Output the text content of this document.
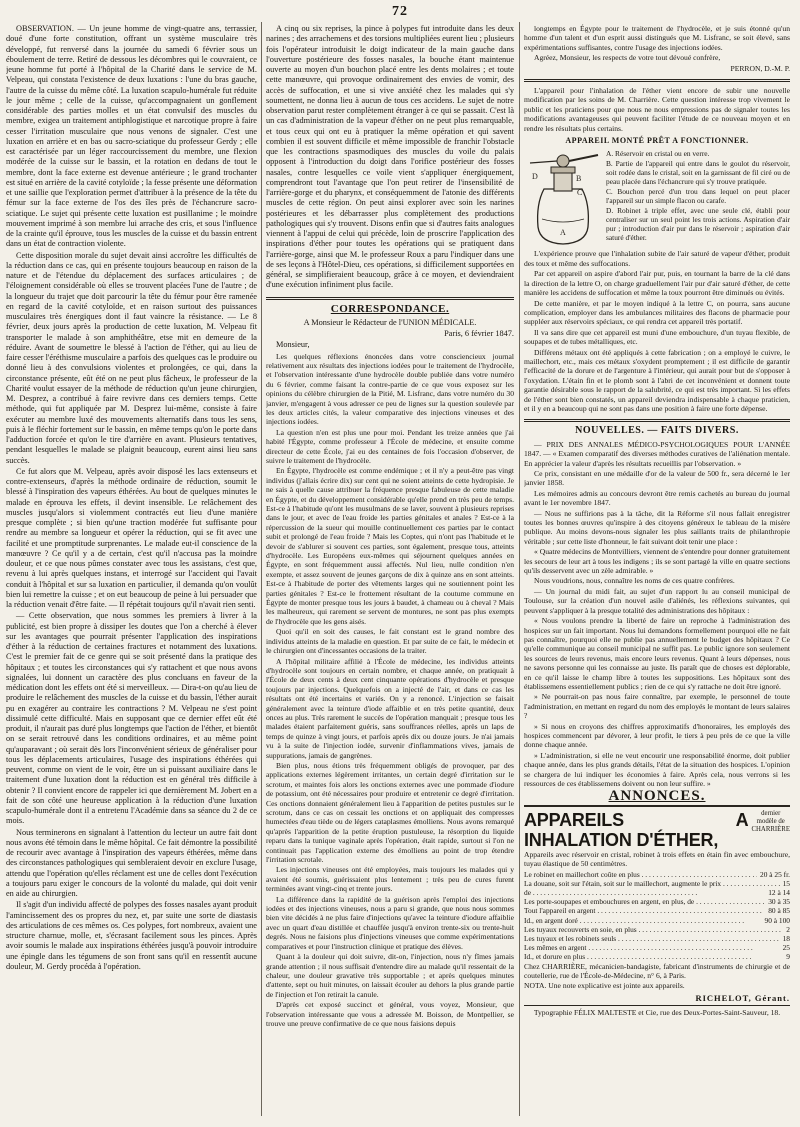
72

OBSERVATION. — Un jeune homme de vingt-quatre ans, terrassier, doué d'une forte constitution, offrant un système musculaire très développé, fut renversé dans la journée du samedi 6 février sous un éboulement de terre. Retiré de dessous les décombres qui le couvraient, ce jeune homme fut porté à l'hôpital de la Charité dans le service de M. Velpeau, qui constata l'existence de deux luxations : l'une du bras gauche, l'autre de la cuisse du même côté. La luxation scapulo-humérale fut réduite le jour même ; celle de la cuisse, qu'accompagnaient un gonflement considérable des parties molles et un état convulsif des muscles du membre, exigea un traitement antiphlogistique et narcotique propre à faire cesser l'irritation musculaire que nous venons de signaler. C'est une luxation en arrière et en bas ou sacro-sciatique du professeur Gerdy ; elle est caractérisée par un léger raccourcissement du membre, une flexion modérée de la cuisse sur le bassin, et la rotation en dedans de tout le membre, dont la face externe est devenue antérieure ; le grand trochanter est situé en arrière de la cavité cotyloïde ; la fesse présente une déformation et une saillie que l'exploration permet d'attribuer à la présence de la tête du fémur sur la face externe de l'os des îles près de l'échancrure sacro-sciatique. Le sujet qui présente cette luxation est pusillanime ; le moindre mouvement imprimé à son membre lui arrache des cris, et sous l'influence de la crainte qu'il éprouve, tous les muscles de la cuisse et du bassin entrent dans un état de contraction violente.

Cette disposition morale du sujet devait ainsi accroître les difficultés de la réduction dans ce cas, qui en présente toujours beaucoup en raison de la nature et de l'étendue du déplacement des surfaces articulaires ; de l'éloignement considérable où elles se trouvent placées l'une de l'autre ; de la longueur du trajet que doit parcourir la tête du fémur pour être ramenée en regard de la cavité cotyloïde, et en raison surtout des puissances musculaires très énergiques dont il faut vaincre la résistance. — Le 8 février, deux jours après la production de cette luxation, M. Velpeau fit transporter le malade à son amphithéâtre, etse mit en demeure de la réduire. Avant de soumettre le blessé à l'action de l'éther, qui au lieu de faire cesser l'éréthisme musculaire a parfois des quelques cas le produire ou donné lieu à des convulsions violentes et prolongées, ce qui, dans la circonstance présente, eût été on ne peut plus fâcheux, le professeur de la Charité voulut essayer de la méthode de réduction qu'un jeune chirurgien, M. Desprez, a contribué à faire revivre dans ces derniers temps. Cette méthode, qui fut appliquée par M. Desprez lui-même, consiste à faire exécuter au membre luxé des mouvements alternatifs dans tous les sens, puis à le fléchir fortement sur le bassin, en même temps qu'on le porte dans l'adduction forcée et qu'on le tire d'arrière en avant. Plusieurs tentatives, pendant lesquelles le malade se plaignit beaucoup, eurent ainsi lieu sans succès.

Ce fut alors que M. Velpeau, après avoir disposé les lacs extenseurs et contre-extenseurs, d'après la méthode ordinaire de réduction, soumit le blessé à l'inspiration des vapeurs éthérées. Au bout de quelques minutes le malade en éprouva les effets, il devint insensible. Le relâchement des muscles jusqu'alors si violemment contractés eut lieu d'une manière presque complète ; si bien qu'une traction modérée fut suffisante pour rendre au membre sa longueur et opérer la réduction, qui se fit avec une facilité et une promptitude surprenantes. Le malade eut-il conscience de la manœuvre ? Ce qu'il y a de certain, c'est qu'il n'accusa pas la moindre douleur, et ce que nous pûmes constater avec tous les assistans, c'est que, revenu à lui après quelques instans, et interrogé sur l'accident qui l'avait conduit à l'hôpital et sur sa luxation en particulier, il demanda qu'on voulût bien lui remettre la cuisse ; et on eut beaucoup de peine à lui persuader que la réduction venait d'être faite. — Il répétait toujours qu'il n'avait rien senti.

— Cette observation, que nous sommes les premiers à livrer à la publicité, est bien propre à dissiper les doutes que l'on a cherché à élever sur les avantages que pourrait présenter l'application des inspirations d'éther à la réduction de certaines fractures et notamment des luxations. C'est le premier fait de ce genre qui se soit présenté dans la pratique des hôpitaux ; et toutes les circonstances qui s'y rattachent et que nous avons signalées, lui donnent un caractère des plus concluans en faveur de la médication dont les effets ont été si merveilleux. — Dira-t-on qu'au lieu de produire le relâchement des muscles de la cuisse et du bassin, l'éther aurait pu en exagérer au contraire les contractions ? M. Velpeau ne s'est point dissimulé cette difficulté. Mais en supposant que ce dernier effet eût été produit, il n'aurait pas duré plus longtemps que l'action de l'éther, et bientôt on se serait retrouvé dans les conditions ordinaires, et au même point qu'auparavant ; où serait dès lors l'inconvénient sérieux de généraliser pour tous les déplacements articulaires, l'usage des inspirations éthérées qui peuvent, comme on vient de le voir, être un si puissant auxiliaire dans le traitement d'une luxation dont la réduction est en général très difficile à obtenir ? Il convient encore de rappeler ici que dernièrement M. Jobert en a fait de son côté une heureuse application à la réduction d'une luxation scapulo-humérale dont il a entretenu l'Académie dans sa séance du 2 de ce mois.

Nous terminerons en signalant à l'attention du lecteur un autre fait dont nous avons été témoin dans le même hôpital. Ce fait démontre la possibilité de recourir avec avantage à l'inspiration des vapeurs éthérées, même dans des circonstances pathologiques qui sembleraient devoir en exclure l'usage, attendu que l'opération qu'elles réclament est une de celles dont l'exécution a toujours paru exiger le concours de la volonté du malade, qui doit venir en aide au chirurgien.

Il s'agit d'un individu affecté de polypes des fosses nasales ayant produit l'amincissement des os propres du nez, et, par suite une sorte de diastasis des articulations de ces mêmes os. Ces polypes, fort nombreux, avaient une structure charnue, molle, et, s'écrasant facilement sous les pinces. Après avoir soumis le malade aux inspirations éthérées jusqu'à pouvoir introduire une épingle dans les tégumens de son front sans qu'il en ressentît aucune douleur, M. Gerdy procéda à l'opération.

A cinq ou six reprises, la pince à polypes fut introduite dans les deux narines ; des arrachemens et des torsions multipliées eurent lieu ; plusieurs fois l'opérateur introduisit le doigt indicateur de la main gauche dans l'ouverture postérieure des fosses nasales, la bouche étant maintenue ouverte au moyen d'un bouchon placé entre les dents molaires ; et toute cette manœuvre, qui provoque ordinairement des envies de vomir, des accès de suffocation, et une si vive anxiété chez les malades qui s'y soumettent, ne donna lieu à aucun de tous ces accidens. Le sujet de notre observation parut rester complètement étranger à ce qui se passait. C'est là un cas d'administration de la vapeur d'éther on ne peut plus remarquable, et tous ceux qui ont eu à pratiquer la même opération et qui savent combien il est souvent difficile et même impossible de franchir l'obstacle que les contractions spasmodiques des muscles du voile du palais opposent à l'introduction du doigt dans l'orifice postérieur des fosses nasales, contre lesquelles ce voile vient s'appliquer énergiquement, comprendront tout l'avantage que l'on peut retirer de l'insensibilité de l'arrière-gorge et du pharynx, et conséquemment de l'atonie des différents muscles de cette région. On peut ainsi explorer avec soin les narines postérieures et les débarrasser plus complètement des productions pathologiques qui s'y trouvent. Disons enfin que si d'autres faits analogues viennent à l'appui de celui qui précède, loin de proscrire l'application des inspirations d'éther pour toutes les opérations qui se pratiquent dans l'arrière-gorge, ainsi que M. le professeur Roux a paru l'indiquer dans une de ses leçons à l'Hôtel-Dieu, ces opérations, si difficilement supportées en général, se simplifieraient beaucoup, grâce à ce moyen, et deviendraient d'une exécution infiniment plus facile.

CORRESPONDANCE.

A Monsieur le Rédacteur de l'UNION MÉDICALE.

Paris, 6 février 1847.

Monsieur,

Les quelques réflexions énoncées dans votre consciencieux journal relativement aux résultats des injections iodées pour le traitement de l'hydrocèle, et l'observation intéressante d'une hydrocèle double publiée dans votre numéro du 6 février, comme faisant la contre-partie de ce que vous exposez sur les opinions du célèbre chirurgien de la Pitié, M. Lisfranc, dans votre numéro du 30 janvier, m'engagent à vous adresser ce peu de lignes sur la question soulevée par les deux articles cités, la valeur comparative des injections vineuses et des injections iodées.

La question n'en est plus une pour moi. Pendant les treize années que j'ai habité l'Égypte, comme professeur à l'École de médecine, et ensuite comme directeur de cette École, j'ai eu des centaines de fois l'occasion d'observer, de suivre le traitement de l'hydrocèle.

En Égypte, l'hydrocèle est comme endémique ; et il n'y a peut-être pas vingt individus (j'allais écrire dix) sur cent qui ne soient atteints de cette hydropisie. Je ne sais à quelle cause attribuer la fréquence presque fabuleuse de cette maladie en Égypte, et du développement considérable qu'elle prend en très peu de temps. Est-ce à l'habitude qu'ont les musulmans de se laver, souvent à plusieurs reprises dans le jour, et avec de l'eau froide les parties génitales et anales ? Est-ce à la répercussion de la sueur qui mouille continuellement ces parties par le contact subit et prolongé de l'eau froide ? Mais les Coptes, qui n'ont pas l'habitude et le devoir de s'ablurer si souvent ces parties, sont également, presque tous, atteints d'hydrocèle. Les Européens eux-mêmes qui séjournent quelques années en Égypte, en sont fréquemment aussi affectés. Nul lieu, nulle condition n'en exempte, et assez souvent de jeunes garçons de dix à quinze ans en sont atteints. Est-ce à l'habitude de porter des vêtements larges qui ne soutiennent point les parties génitales ? Est-ce le frottement résultant de la coutume commune en Égypte de monter presque tous les jours à baudet, à chameau ou à cheval ? Mais les malheureux, qui rarement se servent de montures, ne sont pas plus exempts de l'hydrocèle que les gens aisés.

Quoi qu'il en soit des causes, le fait constant est le grand nombre des individus atteints de la maladie en question. Et par suite de ce fait, le médecin et le chirurgien ont d'incessantes occasions de la traiter.

A l'hôpital militaire affilié à l'École de médecine, les individus atteints d'hydrocèle sont toujours en certain nombre, et chaque année, on pratiquait à l'École de deux cents à deux cent cinquante opérations d'hydrocèle et presque toujours par injections. Quelquefois on a injecté de l'air, et dans ce cas les résultats ont été incertains et variés. On y a renoncé. L'injection se faisait généralement avec la teinture d'iode affaiblie et en très petite quantité, deux onces au plus. Très rarement le succès de l'opération manquait ; presque tous les malades étaient parfaitement guéris, sans souffrances réelles, après un laps de temps de quinze à vingt jours, et parfois après dix ou douze jours. Je n'ai jamais vu à la suite de l'injection iodée, survenir d'inflammations vives, jamais de suppurations, jamais de gangrènes.

Bien plus, nous étions très fréquemment obligés de provoquer, par des applications externes légèrement irritantes, un certain degré d'irritation sur le scrotum, et maintes fois alors les onctions externes avec une pommade d'iodure de potassium, ont été nécessaires pour produire et entretenir ce degré d'irritation. Ces onctions donnaient généralement lieu à l'apparition de petites pustules sur le scrotum, dans ce cas on cessait les onctions et on appliquait des compresses humectées d'eau tiède ou de légers cataplasmes émolliens. Nous avons remarqué qu'après l'apparition de la petite éruption pustuleuse, la résorption du liquide reparu dans la tunique vaginale après l'opération, était rapide, surtout si l'on ne continuait pas l'application externe des émolliens au point de trop étendre l'irritation scrotale.

Les injections vineuses ont été employées, mais toujours les malades qui y avaient été soumis, guérissaient plus lentement ; très peu de cures furent terminées avant vingt-cinq et trente jours.

La différence dans la rapidité de la guérison après l'emploi des injections iodées et des injections vineuses, nous a paru si grande, que nous nous sommes bien vite décidés à ne plus faire d'injections qu'avec la teinture d'iodure affaiblie avec un quart d'eau distillée et chauffée jusqu'à environ trente-six ou trente-huit degrés. Nous ne faisions plus d'injections vineuses que comme expérimentations comparatives et pour l'instruction clinique et pratique des élèves.

Quant à la douleur qui doit suivre, dit-on, l'injection, nous n'y fîmes jamais grande attention ; il nous suffisait d'entendre dire au malade qu'il ressentait de la chaleur, une douleur gravative très supportable ; et après quelques minutes d'attente, sept ou huit minutes, on laissait écouler au dehors la plus grande partie de l'injection et l'on retirait la canule.

D'après cet exposé succinct et général, vous voyez, Monsieur, que l'observation intéressante que vous a adressée M. Boisson, de Montpellier, se trouve une preuve confirmative de ce que nous faisions depuis

longtemps en Égypte pour le traitement de l'hydrocèle, et je suis étonné qu'un homme d'un talent et d'un esprit aussi distingués que M. Lisfranc, se soit élevé, sans expérimentations suffisantes, contre l'usage des injections iodées.

Agréez, Monsieur, les respects de votre tout dévoué confrère,

PERRON, D.-M. P.

L'appareil pour l'inhalation de l'éther vient encore de subir une nouvelle modification par les soins de M. Charrière. Cette question intéresse trop vivement le public et les praticiens pour que nous ne nous empressions pas de signaler toutes les modifications avantageuses qui peuvent faciliter l'étude de ce nouveau moyen et en rendre les résultats plus certains.

APPAREIL MONTÉ PRÊT A FONCTIONNER.
D	B
C
A
A. Réservoir en cristal ou en verre.
B. Partie de l'appareil qui entre dans le goulot du réservoir, soit rodée dans le cristal, soit en la garnissant de fil ciré ou de peau placée dans l'échancrure qui s'y trouve pratiquée.
C. Bouchon percé d'un trou dans lequel on peut placer l'appareil sur un simple flacon ou carafe.
D. Robinet à triple effet, avec une seule clé, établi pour centraliser sur un seul point les trois actions. Aspiration d'air pur ; introduction d'air pur dans le réservoir ; aspiration d'air saturé d'éther.

L'expérience prouve que l'inhalation subite de l'air saturé de vapeur d'éther, produit des toux et même des suffocations.

Par cet appareil on aspire d'abord l'air pur, puis, en tournant la barre de la clé dans la direction de la lettre O, on charge graduellement l'air pur d'air saturé d'éther, de cette manière les accidens de suffocation et même la toux pourront être diminués ou évités.

De cette manière, et par le moyen indiqué à la lettre C, on pourra, sans aucune complication, employer dans les ambulances militaires des flacons de pharmacie pour suppléer aux réservoirs spéciaux, ce qui rendra cet appareil très portatif.

Il va sans dire que cet appareil est muni d'une embouchure, d'un tuyau flexible, de soupapes et de tubes métalliques, etc.

Différens métaux ont été appliqués à cette fabrication ; on a employé le cuivre, le maillechort, etc., mais ces métaux s'oxydent promptement ; il est difficile de garantir l'efficacité de la dorure et de l'argenture à l'intérieur, qui aurait pour but de s'opposer à l'oxydation. L'étain fin et le plomb sont à l'abri de cet inconvénient et donnent toute garantie désirable sous le rapport de la salubrité, ce qui est très important. Si les effets de l'éther sont bien constatés, un appareil deviendra indispensable à chaque praticien, et il y en a beaucoup qui ne sont pas dans une position à faire une forte dépense.

NOUVELLES. — FAITS DIVERS.

— PRIX DES ANNALES MÉDICO-PSYCHOLOGIQUES POUR L'ANNÉE 1847. — « Examen comparatif des diverses méthodes curatives de l'aliénation mentale. En apprécier la valeur d'après les résultats recueillis par l'observation. »

Ce prix, consistant en une médaille d'or de la valeur de 500 fr., sera décerné le 1er janvier 1858.

Les mémoires admis au concours devront être remis cachetés au bureau du journal avant le 1er novembre 1847.

— Nous ne suffirions pas à la tâche, dit la Réforme s'il nous fallait enregistrer toutes les bonnes œuvres qu'inspire à des citoyens généreux le tableau de la misère publique. Au moins devons-nous signaler les plus saillants traits de philanthropie véritable ; sur cette liste d'honneur, le fait suivant doit tenir une place :

« Quatre médecins de Montvilliers, viennent de s'entendre pour donner gratuitement les secours de leur art à tous les indigens ; ils se sont partagé la ville en quatre sections qu'ils desservent avec un zèle admirable. »

Nous voudrions, nous, connaître les noms de ces quatre confrères.

— Un journal du midi fait, au sujet d'un rapport lu au conseil municipal de Toulouse, sur la création d'un nouvel asile d'aliénés, les réflexions suivantes, qui peuvent s'appliquer à la presque totalité des administrations des hôpitaux :

« Nous voulons prendre la liberté de faire un reproche à l'administration des hospices sur un fait important. Nous lui demandons formellement pourquoi elle ne fait pas connaître, pourquoi elle ne publie pas annuellement le budget des hôpitaux ? Ce qu'elle communique au conseil municipal ne suffit pas. Le public ignore son seulement les sources de leurs revenus, mais encore leurs revenus. Quant à leurs dépenses, nous ne savons personne qui les connaisse au juste. Ils paraît que de choses est déplorable, en ce qu'il laisse le champ libre à toutes les suppositions. Les hôpitaux sont des établissemens essentiellement publics ; rien de ce qui s'y rattache ne doit être ignoré.

» Ne pourrait-on pas nous faire connaître, par exemple, le personnel de toute l'administration, en mettant en regard du nom des employés le montant de leurs salaires ?

» Si nous en croyons des chiffres approximatifs d'honoraires, les employés des hospices commencent par dévorer, à leur profit, le tiers à peu près de ce que la ville donne chaque année.

» L'administration, si elle ne veut encourir une responsabilité énorme, doit publier chaque année, dans les plus grands détails, l'état de la situation des hospices. L'opinion se chargera de lui indiquer les économies à faire. Après cela, nous verrons si les ressources de ces établissemens doivent ou non leur suffire. »

ANNONCES.
APPAREILS A INHALATION D'ÉTHER,
dernier modèle de CHARRIÈRE

Appareils avec réservoir en cristal, robinet à trois effets en étain fin avec embouchure, tuyau élastique de 50 centimètres.

Le robinet en maillechort coûte en plus . . .	20 à 25 fr.
La douane, soit sur l'étain, soit sur le maillechort, augmente le prix . . .	15
de . . .	12 à 14
Les porte-soupapes et embouchures en argent, en plus, de . . .	30 à 35
Tout l'appareil en argent . . .	80 à 85
Id., en argent doré . . .	90 à 100
Les tuyaux recouverts en soie, en plus . . .	2
Les tuyaux et les robinets seuls . . .	18
Les mêmes en argent . . .	25
Id., et dorure en plus . . .	9

Chez CHARRIÈRE, mécanicien-bandagiste, fabricant d'instruments de chirurgie et de coutellerie, rue de l'École-de-Médecine, n° 6, à Paris.

NOTA. Une note explicative est jointe aux appareils.

RICHELOT, Gérant.
Typographie FÉLIX MALTESTE et Cie, rue des Deux-Portes-Saint-Sauveur, 18.
